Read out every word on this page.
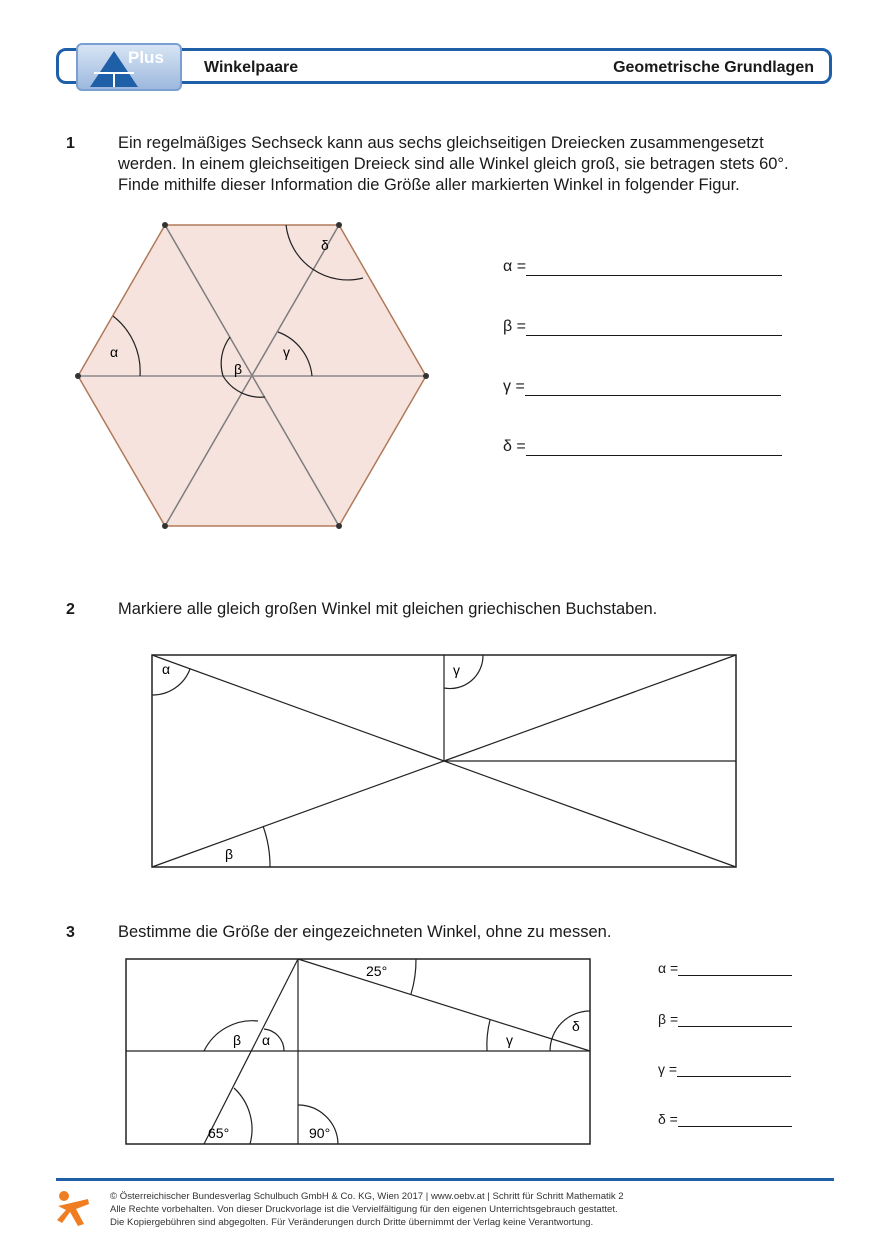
Plus
Winkelpaare	Geometrische Grundlagen
1	Ein regelmäßiges Sechseck kann aus sechs gleichseitigen Dreiecken zusammengesetzt
werden. In einem gleichseitigen Dreieck sind alle Winkel gleich groß, sie betragen stets 60°.
Finde mithilfe dieser Information die Größe aller markierten Winkel in folgender Figur.
α
β
γ
δ
α =
β =
γ =
δ =
2	Markiere alle gleich großen Winkel mit gleichen griechischen Buchstaben.
α	γ
β
3	Bestimme die Größe der eingezeichneten Winkel, ohne zu messen.
25°
δ
β α	γ
65°	90°
α =
β =
γ =
δ =
© Österreichischer Bundesverlag Schulbuch GmbH & Co. KG, Wien 2017 | www.oebv.at | Schritt für Schritt Mathematik 2
Alle Rechte vorbehalten. Von dieser Druckvorlage ist die Vervielfältigung für den eigenen Unterrichtsgebrauch gestattet.
Die Kopiergebühren sind abgegolten. Für Veränderungen durch Dritte übernimmt der Verlag keine Verantwortung.
